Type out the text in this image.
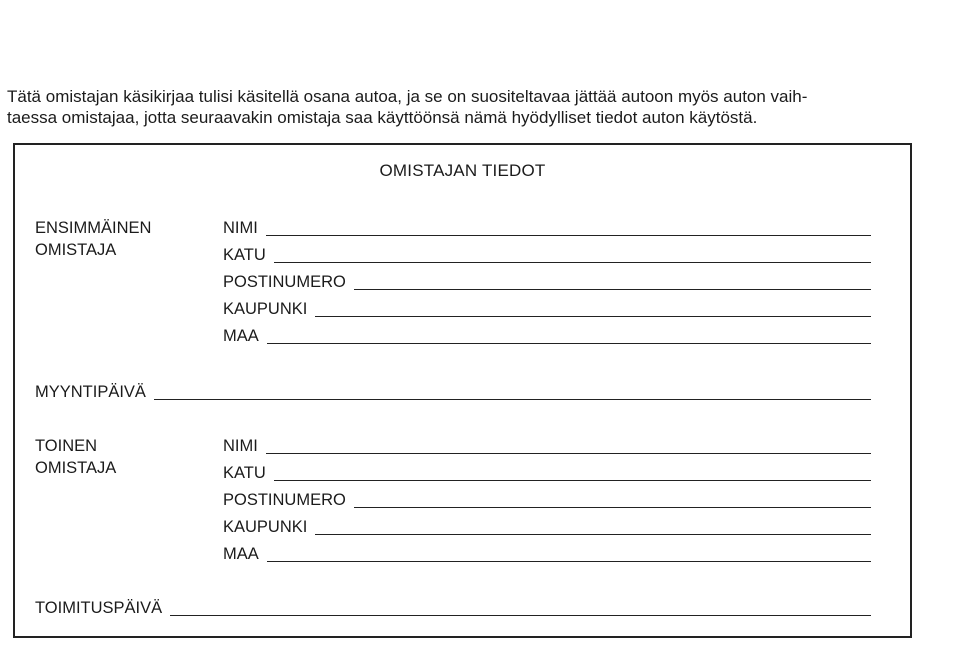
Tätä omistajan käsikirjaa tulisi käsitellä osana autoa, ja se on suositeltavaa jättää autoon myös auton vaih-
taessa omistajaa, jotta seuraavakin omistaja saa käyttöönsä nämä hyödylliset tiedot auton käytöstä.

OMISTAJAN TIEDOT
ENSIMMÄINEN
OMISTAJA
NIMI
KATU
POSTINUMERO
KAUPUNKI
MAA
MYYNTIPÄIVÄ
TOINEN
OMISTAJA
NIMI
KATU
POSTINUMERO
KAUPUNKI
MAA
TOIMITUSPÄIVÄ
